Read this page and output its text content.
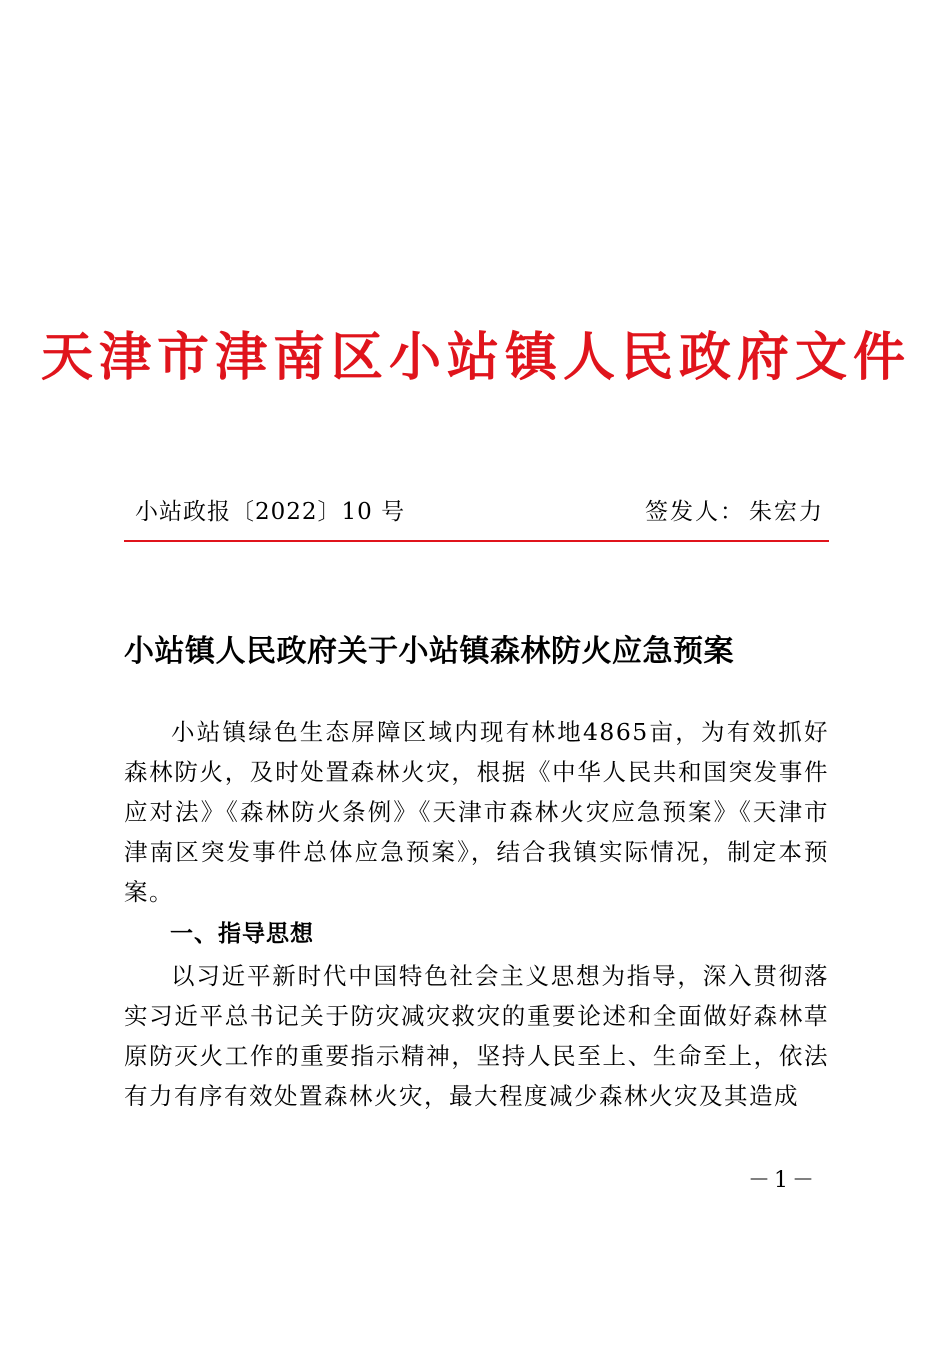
天津市津南区小站镇人民政府文件
小站政报〔2022〕10 号	签发人： 朱宏力
小站镇人民政府关于小站镇森林防火应急预案

小站镇绿色生态屏障区域内现有林地4865亩，为有效抓好森林防火，及时处置森林火灾，根据《中华人民共和国突发事件应对法》《森林防火条例》《天津市森林火灾应急预案》《天津市津南区突发事件总体应急预案》，结合我镇实际情况，制定本预案。

一、指导思想

以习近平新时代中国特色社会主义思想为指导，深入贯彻落实习近平总书记关于防灾减灾救灾的重要论述和全面做好森林草原防灭火工作的重要指示精神，坚持人民至上、生命至上，依法有力有序有效处置森林火灾，最大程度减少森林火灾及其造成

－1－
